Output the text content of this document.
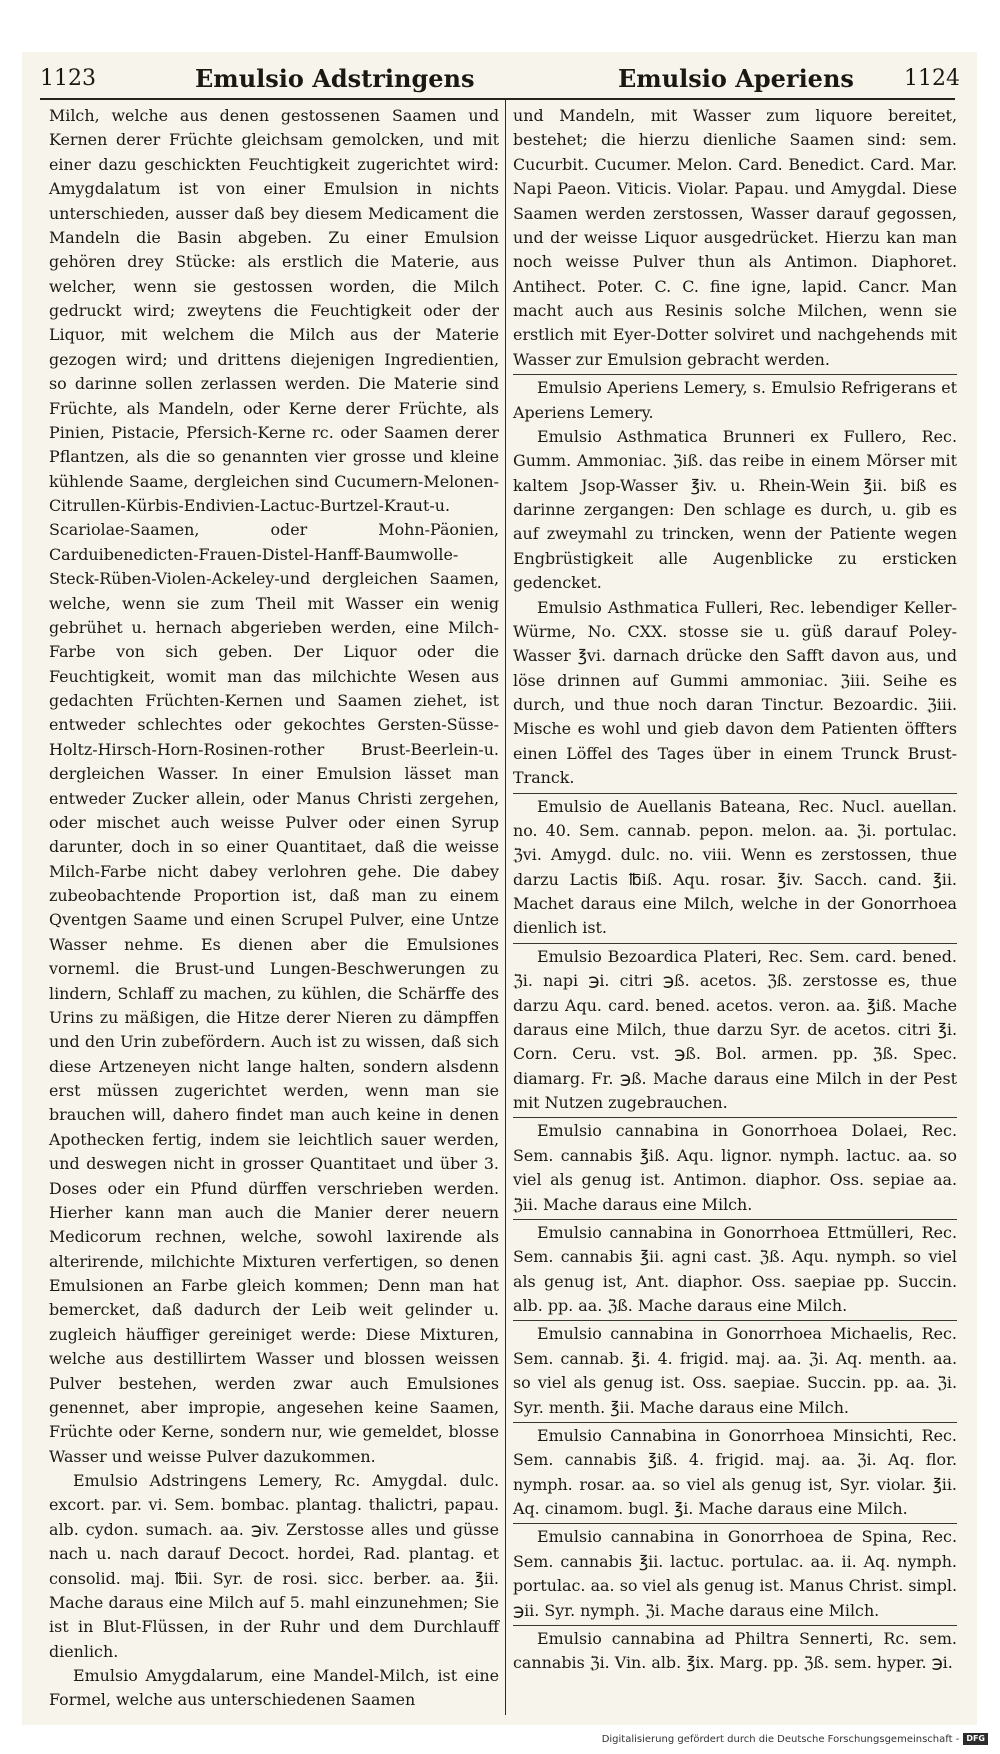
1123	Emulsio Adstringens	Emulsio Aperiens 1124

Milch, welche aus denen gestossenen Saamen und Kernen derer Früchte gleichsam gemolcken, und mit einer dazu geschickten Feuchtigkeit zugerichtet wird: Amygdalatum ist von einer Emulsion in nichts unterschieden, ausser daß bey diesem Medicament die Mandeln die Basin abgeben. Zu einer Emulsion gehören drey Stücke: als erstlich die Materie, aus welcher, wenn sie gestossen worden, die Milch gedruckt wird; zweytens die Feuchtigkeit oder der Liquor, mit welchem die Milch aus der Materie gezogen wird; und drittens diejenigen Ingredientien, so darinne sollen zerlassen werden. Die Materie sind Früchte, als Mandeln, oder Kerne derer Früchte, als Pinien, Pistacie, Pfersich-Kerne rc. oder Saamen derer Pflantzen, als die so genannten vier grosse und kleine kühlende Saame, dergleichen sind Cucumern-Melonen-Citrullen-Kürbis-Endivien-Lactuc-Burtzel-Kraut-u. Scariolae-Saamen, oder Mohn-Päonien, Carduibenedicten-Frauen-Distel-Hanff-Baumwolle-Steck-Rüben-Violen-Ackeley-und dergleichen Saamen, welche, wenn sie zum Theil mit Wasser ein wenig gebrühet u. hernach abgerieben werden, eine Milch-Farbe von sich geben. Der Liquor oder die Feuchtigkeit, womit man das milchichte Wesen aus gedachten Früchten-Kernen und Saamen ziehet, ist entweder schlechtes oder gekochtes Gersten-Süsse-Holtz-Hirsch-Horn-Rosinen-rother Brust-Beerlein-u. dergleichen Wasser. In einer Emulsion lässet man entweder Zucker allein, oder Manus Christi zergehen, oder mischet auch weisse Pulver oder einen Syrup darunter, doch in so einer Quantitaet, daß die weisse Milch-Farbe nicht dabey verlohren gehe. Die dabey zubeobachtende Proportion ist, daß man zu einem Qventgen Saame und einen Scrupel Pulver, eine Untze Wasser nehme. Es dienen aber die Emulsiones vorneml. die Brust-und Lungen-Beschwerungen zu lindern, Schlaff zu machen, zu kühlen, die Schärffe des Urins zu mäßigen, die Hitze derer Nieren zu dämpffen und den Urin zubefördern. Auch ist zu wissen, daß sich diese Artzeneyen nicht lange halten, sondern alsdenn erst müssen zugerichtet werden, wenn man sie brauchen will, dahero findet man auch keine in denen Apothecken fertig, indem sie leichtlich sauer werden, und deswegen nicht in grosser Quantitaet und über 3. Doses oder ein Pfund dürffen verschrieben werden. Hierher kann man auch die Manier derer neuern Medicorum rechnen, welche, sowohl laxirende als alterirende, milchichte Mixturen verfertigen, so denen Emulsionen an Farbe gleich kommen; Denn man hat bemercket, daß dadurch der Leib weit gelinder u. zugleich häuffiger gereiniget werde: Diese Mixturen, welche aus destillirtem Wasser und blossen weissen Pulver bestehen, werden zwar auch Emulsiones genennet, aber impropie, angesehen keine Saamen, Früchte oder Kerne, sondern nur, wie gemeldet, blosse Wasser und weisse Pulver dazukommen.

Emulsio Adstringens Lemery, Rc. Amygdal. dulc. excort. par. vi. Sem. bombac. plantag. thalictri, papau. alb. cydon. sumach. aa. ℈iv. Zerstosse alles und güsse nach u. nach darauf Decoct. hordei, Rad. plantag. et consolid. maj. ℔ii. Syr. de rosi. sicc. berber. aa. ℥ii. Mache daraus eine Milch auf 5. mahl einzunehmen; Sie ist in Blut-Flüssen, in der Ruhr und dem Durchlauff dienlich.

Emulsio Amygdalarum, eine Mandel-Milch, ist eine Formel, welche aus unterschiedenen Saamen

und Mandeln, mit Wasser zum liquore bereitet, bestehet; die hierzu dienliche Saamen sind: sem. Cucurbit. Cucumer. Melon. Card. Benedict. Card. Mar. Napi Paeon. Viticis. Violar. Papau. und Amygdal. Diese Saamen werden zerstossen, Wasser darauf gegossen, und der weisse Liquor ausgedrücket. Hierzu kan man noch weisse Pulver thun als Antimon. Diaphoret. Antihect. Poter. C. C. fine igne, lapid. Cancr. Man macht auch aus Resinis solche Milchen, wenn sie erstlich mit Eyer-Dotter solviret und nachgehends mit Wasser zur Emulsion gebracht werden.

Emulsio Aperiens Lemery, s. Emulsio Refrigerans et Aperiens Lemery.

Emulsio Asthmatica Brunneri ex Fullero, Rec. Gumm. Ammoniac. ℨiß. das reibe in einem Mörser mit kaltem Jsop-Wasser ℥iv. u. Rhein-Wein ℥ii. biß es darinne zergangen: Den schlage es durch, u. gib es auf zweymahl zu trincken, wenn der Patiente wegen Engbrüstigkeit alle Augenblicke zu ersticken gedencket.

Emulsio Asthmatica Fulleri, Rec. lebendiger Keller-Würme, No. CXX. stosse sie u. güß darauf Poley-Wasser ℥vi. darnach drücke den Safft davon aus, und löse drinnen auf Gummi ammoniac. ℨiii. Seihe es durch, und thue noch daran Tinctur. Bezoardic. ℨiii. Mische es wohl und gieb davon dem Patienten öffters einen Löffel des Tages über in einem Trunck Brust-Tranck.

Emulsio de Auellanis Bateana, Rec. Nucl. auellan. no. 40. Sem. cannab. pepon. melon. aa. ℨi. portulac. ℨvi. Amygd. dulc. no. viii. Wenn es zerstossen, thue darzu Lactis ℔iß. Aqu. rosar. ℥iv. Sacch. cand. ℥ii. Machet daraus eine Milch, welche in der Gonorrhoea dienlich ist.

Emulsio Bezoardica Plateri, Rec. Sem. card. bened. ℨi. napi ℈i. citri ℈ß. acetos. ℨß. zerstosse es, thue darzu Aqu. card. bened. acetos. veron. aa. ℥iß. Mache daraus eine Milch, thue darzu Syr. de acetos. citri ℥i. Corn. Ceru. vst. ℈ß. Bol. armen. pp. ℨß. Spec. diamarg. Fr. ℈ß. Mache daraus eine Milch in der Pest mit Nutzen zugebrauchen.

Emulsio cannabina in Gonorrhoea Dolaei, Rec. Sem. cannabis ℥iß. Aqu. lignor. nymph. lactuc. aa. so viel als genug ist. Antimon. diaphor. Oss. sepiae aa. ℨii. Mache daraus eine Milch.

Emulsio cannabina in Gonorrhoea Ettmülleri, Rec. Sem. cannabis ℥ii. agni cast. ℨß. Aqu. nymph. so viel als genug ist, Ant. diaphor. Oss. saepiae pp. Succin. alb. pp. aa. ℨß. Mache daraus eine Milch.

Emulsio cannabina in Gonorrhoea Michaelis, Rec. Sem. cannab. ℥i. 4. frigid. maj. aa. ℨi. Aq. menth. aa. so viel als genug ist. Oss. saepiae. Succin. pp. aa. ℨi. Syr. menth. ℥ii. Mache daraus eine Milch.

Emulsio Cannabina in Gonorrhoea Minsichti, Rec. Sem. cannabis ℥iß. 4. frigid. maj. aa. ℨi. Aq. flor. nymph. rosar. aa. so viel als genug ist, Syr. violar. ℥ii. Aq. cinamom. bugl. ℥i. Mache daraus eine Milch.

Emulsio cannabina in Gonorrhoea de Spina, Rec. Sem. cannabis ℥ii. lactuc. portulac. aa. ii. Aq. nymph. portulac. aa. so viel als genug ist. Manus Christ. simpl. ℈ii. Syr. nymph. ℨi. Mache daraus eine Milch.

Emulsio cannabina ad Philtra Sennerti, Rc. sem. cannabis ℨi. Vin. alb. ℥ix. Marg. pp. ℨß. sem. hyper. ℈i.

Digitalisierung gefördert durch die Deutsche Forschungsgemeinschaft - DFG
